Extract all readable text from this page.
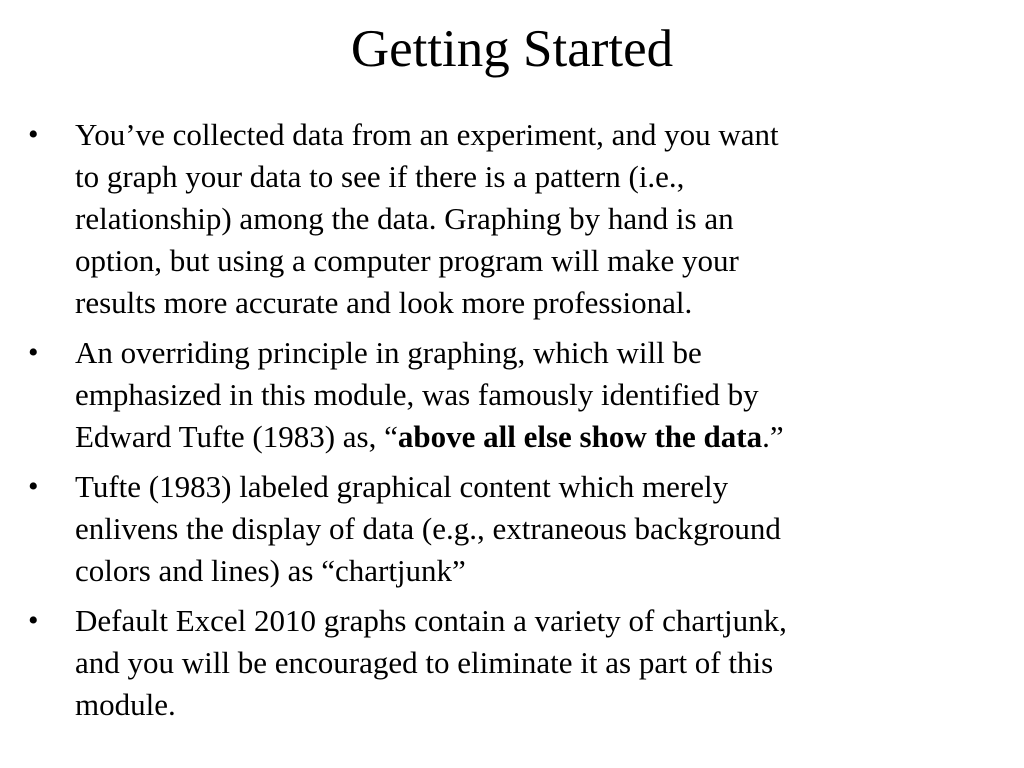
Getting Started
• You’ve collected data from an experiment, and you want
to graph your data to see if there is a pattern (i.e.,
relationship) among the data. Graphing by hand is an
option, but using a computer program will make your
results more accurate and look more professional.
• An overriding principle in graphing, which will be
emphasized in this module, was famously identified by
Edward Tufte (1983) as, “above all else show the data.”
• Tufte (1983) labeled graphical content which merely
enlivens the display of data (e.g., extraneous background
colors and lines) as “chartjunk”
• Default Excel 2010 graphs contain a variety of chartjunk,
and you will be encouraged to eliminate it as part of this
module.
